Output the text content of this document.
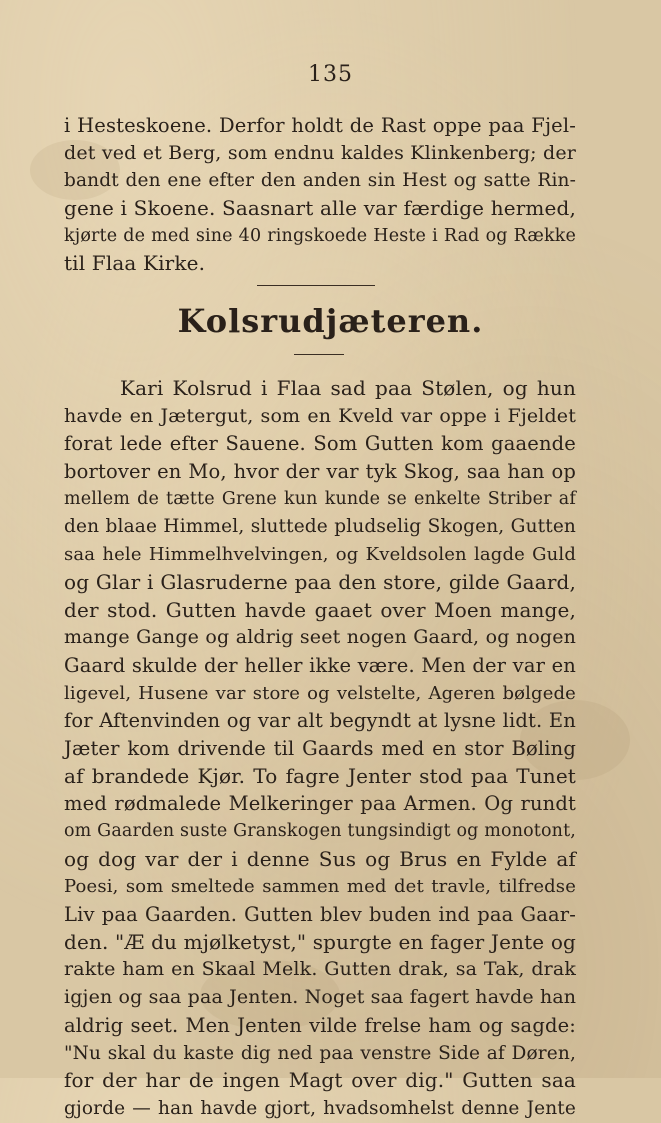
135
i Hesteskoene. Derfor holdt de Rast oppe paa Fjel-
det ved et Berg, som endnu kaldes Klinkenberg; der
bandt den ene efter den anden sin Hest og satte Rin-
gene i Skoene. Saasnart alle var færdige hermed,
kjørte de med sine 40 ringskoede Heste i Rad og Række
til Flaa Kirke.
Kolsrudjæteren.
Kari Kolsrud i Flaa sad paa Stølen, og hun
havde en Jætergut, som en Kveld var oppe i Fjeldet
forat lede efter Sauene. Som Gutten kom gaaende
bortover en Mo, hvor der var tyk Skog, saa han op
mellem de tætte Grene kun kunde se enkelte Striber af
den blaae Himmel, sluttede pludselig Skogen, Gutten
saa hele Himmelhvelvingen, og Kveldsolen lagde Guld
og Glar i Glasruderne paa den store, gilde Gaard,
der stod. Gutten havde gaaet over Moen mange,
mange Gange og aldrig seet nogen Gaard, og nogen
Gaard skulde der heller ikke være. Men der var en
ligevel, Husene var store og velstelte, Ageren bølgede
for Aftenvinden og var alt begyndt at lysne lidt. En
Jæter kom drivende til Gaards med en stor Bøling
af brandede Kjør. To fagre Jenter stod paa Tunet
med rødmalede Melkeringer paa Armen. Og rundt
om Gaarden suste Granskogen tungsindigt og monotont,
og dog var der i denne Sus og Brus en Fylde af
Poesi, som smeltede sammen med det travle, tilfredse
Liv paa Gaarden. Gutten blev buden ind paa Gaar-
den. "Æ du mjølketyst," spurgte en fager Jente og
rakte ham en Skaal Melk. Gutten drak, sa Tak, drak
igjen og saa paa Jenten. Noget saa fagert havde han
aldrig seet. Men Jenten vilde frelse ham og sagde:
"Nu skal du kaste dig ned paa venstre Side af Døren,
for der har de ingen Magt over dig." Gutten saa
gjorde — han havde gjort, hvadsomhelst denne Jente
